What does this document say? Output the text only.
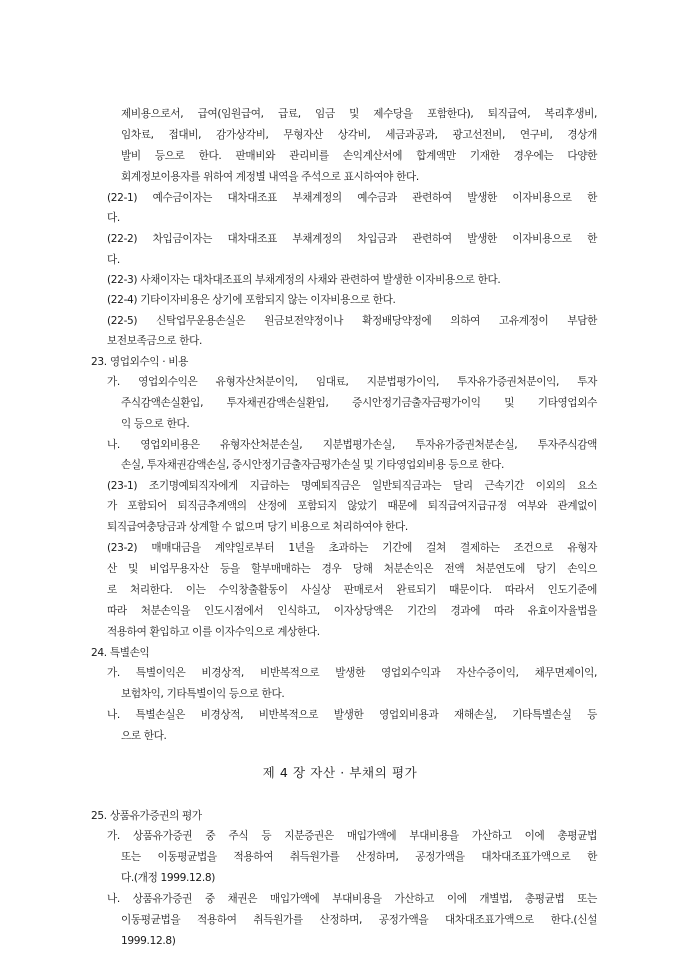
제비용으로서, 급여(임원급여, 급료, 임금 및 제수당을 포함한다), 퇴직급여, 복리후생비,
임차료, 접대비, 감가상각비, 무형자산 상각비, 세금과공과, 광고선전비, 연구비, 경상개
발비 등으로 한다. 판매비와 관리비를 손익계산서에 합계액만 기재한 경우에는 다양한
회계정보이용자를 위하여 계정별 내역을 주석으로 표시하여야 한다.
(22-1) 예수금이자는 대차대조표 부채계정의 예수금과 관련하여 발생한 이자비용으로 한
다.
(22-2) 차입금이자는 대차대조표 부채계정의 차입금과 관련하여 발생한 이자비용으로 한
다.
(22-3) 사채이자는 대차대조표의 부채계정의 사채와 관련하여 발생한 이자비용으로 한다.
(22-4) 기타이자비용은 상기에 포함되지 않는 이자비용으로 한다.
(22-5) 신탁업무운용손실은 원금보전약정이나 확정배당약정에 의하여 고유계정이 부담한
보전보족금으로 한다.
23. 영업외수익 · 비용
가. 영업외수익은 유형자산처분이익, 임대료, 지분법평가이익, 투자유가증권처분이익, 투자
주식감액손실환입, 투자채권감액손실환입, 증시안정기금출자금평가이익 및 기타영업외수
익 등으로 한다.
나. 영업외비용은 유형자산처분손실, 지분법평가손실, 투자유가증권처분손실, 투자주식감액
손실, 투자채권감액손실, 증시안정기금출자금평가손실 및 기타영업외비용 등으로 한다.
(23-1) 조기명예퇴직자에게 지급하는 명예퇴직금은 일반퇴직금과는 달리 근속기간 이외의 요소
가 포함되어 퇴직금추계액의 산정에 포함되지 않았기 때문에 퇴직급여지급규정 여부와 관계없이
퇴직급여충당금과 상계할 수 없으며 당기 비용으로 처리하여야 한다.
(23-2) 매매대금을 계약일로부터 1년을 초과하는 기간에 걸쳐 결제하는 조건으로 유형자
산 및 비업무용자산 등을 할부매매하는 경우 당해 처분손익은 전액 처분연도에 당기 손익으
로 처리한다. 이는 수익창출활동이 사실상 판매로서 완료되기 때문이다. 따라서 인도기준에
따라 처분손익을 인도시점에서 인식하고, 이자상당액은 기간의 경과에 따라 유효이자율법을
적용하여 환입하고 이를 이자수익으로 계상한다.
24. 특별손익
가. 특별이익은 비경상적, 비반복적으로 발생한 영업외수익과 자산수증이익, 채무면제이익,
보험차익, 기타특별이익 등으로 한다.
나. 특별손실은 비경상적, 비반복적으로 발생한 영업외비용과 재해손실, 기타특별손실 등
으로 한다.
제 4 장 자산 · 부채의 평가
25. 상품유가증권의 평가
가. 상품유가증권 중 주식 등 지분증권은 매입가액에 부대비용을 가산하고 이에 총평균법
또는 이동평균법을 적용하여 취득원가를 산정하며, 공정가액을 대차대조표가액으로 한
다.(개정 1999.12.8)
나. 상품유가증권 중 채권은 매입가액에 부대비용을 가산하고 이에 개별법, 총평균법 또는
이동평균법을 적용하여 취득원가를 산정하며, 공정가액을 대차대조표가액으로 한다.(신설
1999.12.8)
